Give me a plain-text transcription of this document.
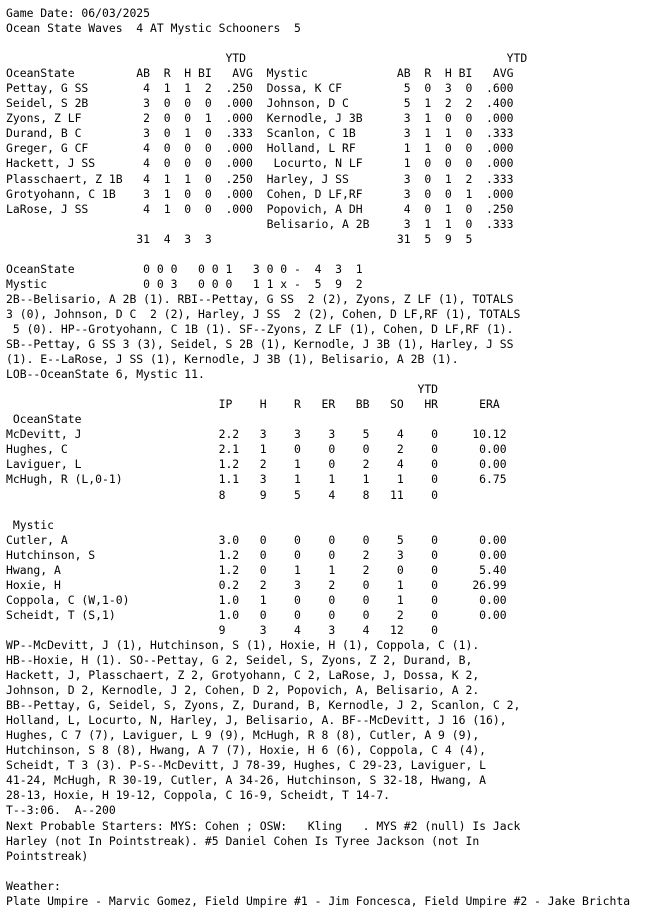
Game Date: 06/03/2025
Ocean State Waves  4 AT Mystic Schooners  5
YTD                                      YTD
OceanState         AB  R  H BI   AVG  Mystic             AB  R  H BI   AVG
Pettay, G SS        4  1  1  2  .250  Dossa, K CF         5  0  3  0  .600
Seidel, S 2B        3  0  0  0  .000  Johnson, D C        5  1  2  2  .400
Zyons, Z LF         2  0  0  1  .000  Kernodle, J 3B      3  1  0  0  .000
Durand, B C         3  0  1  0  .333  Scanlon, C 1B       3  1  1  0  .333
Greger, G CF        4  0  0  0  .000  Holland, L RF       1  1  0  0  .000
Hackett, J SS       4  0  0  0  .000   Locurto, N LF      1  0  0  0  .000
Plasschaert, Z 1B   4  1  1  0  .250  Harley, J SS        3  0  1  2  .333
Grotyohann, C 1B    3  1  0  0  .000  Cohen, D LF,RF      3  0  0  1  .000
LaRose, J SS        4  1  0  0  .000  Popovich, A DH      4  0  1  0  .250
Belisario, A 2B     3  1  1  0  .333
31  4  3  3                           31  5  9  5
OceanState          0 0 0   0 0 1   3 0 0 -  4  3  1
Mystic              0 0 3   0 0 0   1 1 x -  5  9  2
2B--Belisario, A 2B (1). RBI--Pettay, G SS  2 (2), Zyons, Z LF (1), TOTALS
3 (0), Johnson, D C  2 (2), Harley, J SS  2 (2), Cohen, D LF,RF (1), TOTALS
5 (0). HP--Grotyohann, C 1B (1). SF--Zyons, Z LF (1), Cohen, D LF,RF (1).
SB--Pettay, G SS 3 (3), Seidel, S 2B (1), Kernodle, J 3B (1), Harley, J SS
(1). E--LaRose, J SS (1), Kernodle, J 3B (1), Belisario, A 2B (1).
LOB--OceanState 6, Mystic 11.
YTD
IP    H    R   ER   BB   SO   HR      ERA
OceanState
McDevitt, J                    2.2   3    3    3    5    4    0     10.12
Hughes, C                      2.1   1    0    0    0    2    0      0.00
Laviguer, L                    1.2   2    1    0    2    4    0      0.00
McHugh, R (L,0-1)              1.1   3    1    1    1    1    0      6.75
8     9    5    4    8   11    0
Mystic
Cutler, A                      3.0   0    0    0    0    5    0      0.00
Hutchinson, S                  1.2   0    0    0    2    3    0      0.00
Hwang, A                       1.2   0    1    1    2    0    0      5.40
Hoxie, H                       0.2   2    3    2    0    1    0     26.99
Coppola, C (W,1-0)             1.0   1    0    0    0    1    0      0.00
Scheidt, T (S,1)               1.0   0    0    0    0    2    0      0.00
9     3    4    3    4   12    0
WP--McDevitt, J (1), Hutchinson, S (1), Hoxie, H (1), Coppola, C (1).
HB--Hoxie, H (1). SO--Pettay, G 2, Seidel, S, Zyons, Z 2, Durand, B,
Hackett, J, Plasschaert, Z 2, Grotyohann, C 2, LaRose, J, Dossa, K 2,
Johnson, D 2, Kernodle, J 2, Cohen, D 2, Popovich, A, Belisario, A 2.
BB--Pettay, G, Seidel, S, Zyons, Z, Durand, B, Kernodle, J 2, Scanlon, C 2,
Holland, L, Locurto, N, Harley, J, Belisario, A. BF--McDevitt, J 16 (16),
Hughes, C 7 (7), Laviguer, L 9 (9), McHugh, R 8 (8), Cutler, A 9 (9),
Hutchinson, S 8 (8), Hwang, A 7 (7), Hoxie, H 6 (6), Coppola, C 4 (4),
Scheidt, T 3 (3). P-S--McDevitt, J 78-39, Hughes, C 29-23, Laviguer, L
41-24, McHugh, R 30-19, Cutler, A 34-26, Hutchinson, S 32-18, Hwang, A
28-13, Hoxie, H 19-12, Coppola, C 16-9, Scheidt, T 14-7.
T--3:06.  A--200
Next Probable Starters: MYS: Cohen ; OSW:   Kling   . MYS #2 (null) Is Jack
Harley (not In Pointstreak). #5 Daniel Cohen Is Tyree Jackson (not In
Pointstreak)
Weather:
Plate Umpire - Marvic Gomez, Field Umpire #1 - Jim Foncesca, Field Umpire #2 - Jake Brichta
